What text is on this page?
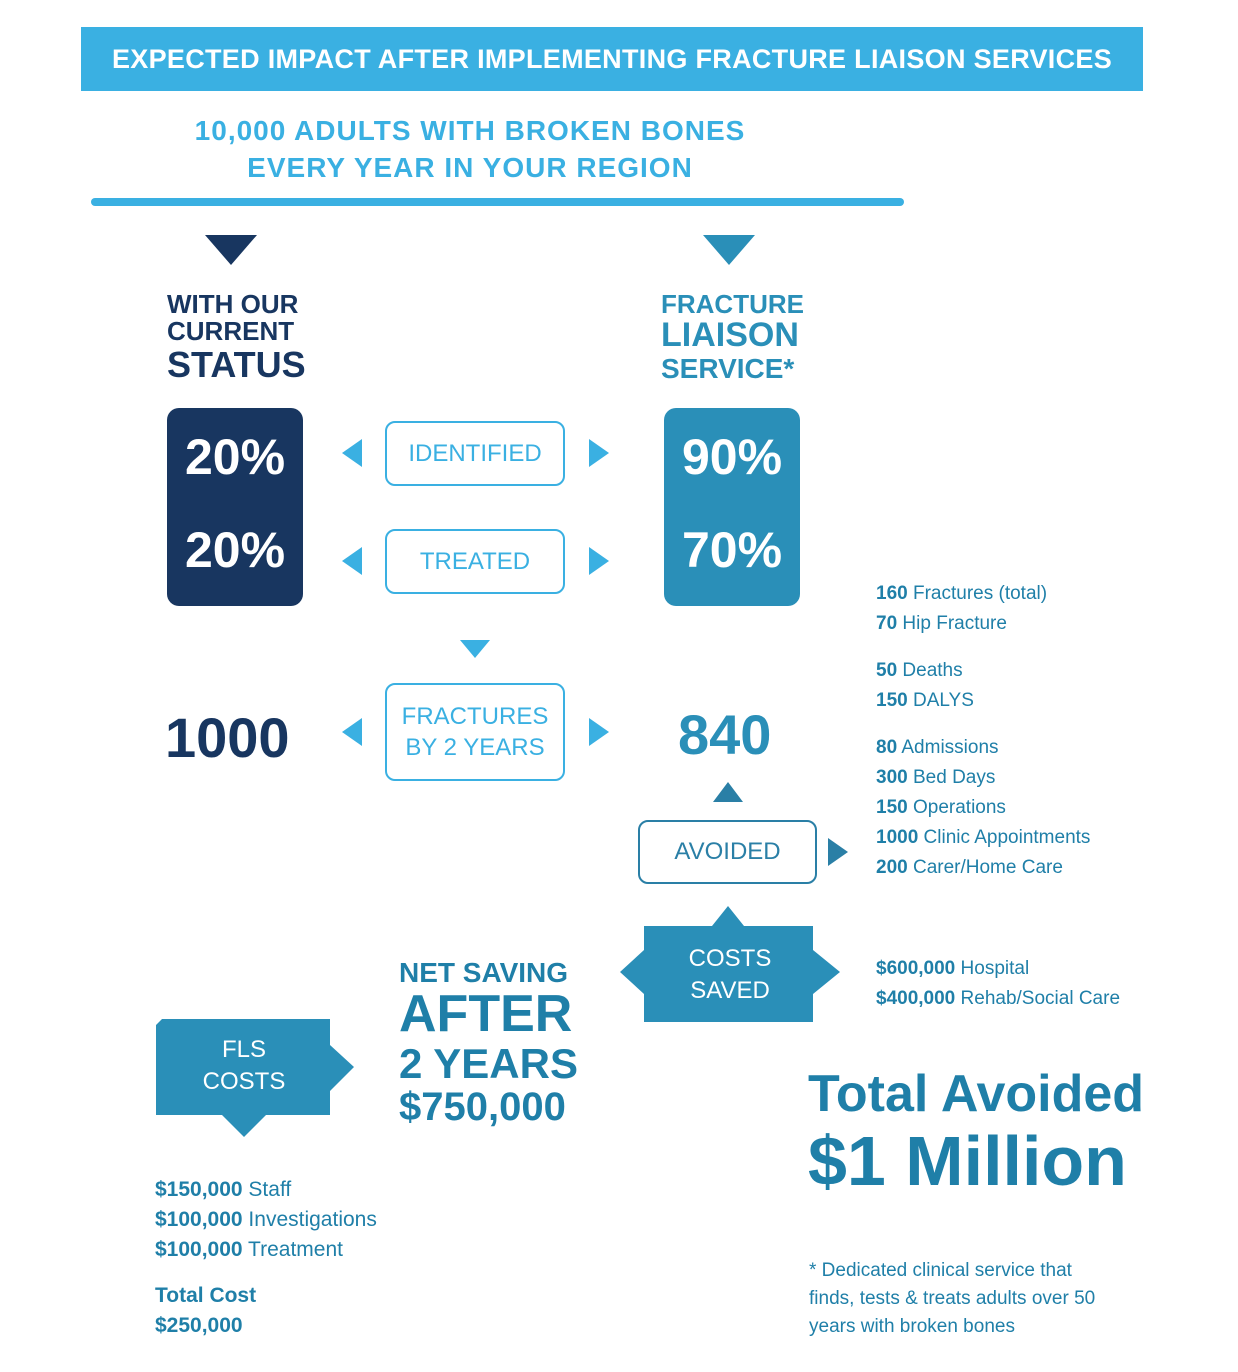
EXPECTED IMPACT AFTER IMPLEMENTING FRACTURE LIAISON SERVICES
10,000 ADULTS WITH BROKEN BONES
EVERY YEAR IN YOUR REGION
WITH OUR
CURRENT
STATUS
FRACTURE
LIAISON
SERVICE*
20%
20%
90%
70%
IDENTIFIED
TREATED
1000	FRACTURES
BY 2 YEARS 840
AVOIDED
160 Fractures (total)
70 Hip Fracture
50 Deaths
150 DALYS
80 Admissions
300 Bed Days
150 Operations
1000 Clinic Appointments
200 Carer/Home Care
COSTS
SAVED
$600,000 Hospital
$400,000 Rehab/Social Care
NET SAVING
AFTER
2 YEARS
$750,000
FLS
COSTS
$150,000 Staff
$100,000 Investigations
$100,000 Treatment
Total Cost
$250,000
Total Avoided
$1 Million
* Dedicated clinical service that
finds, tests & treats adults over 50
years with broken bones
